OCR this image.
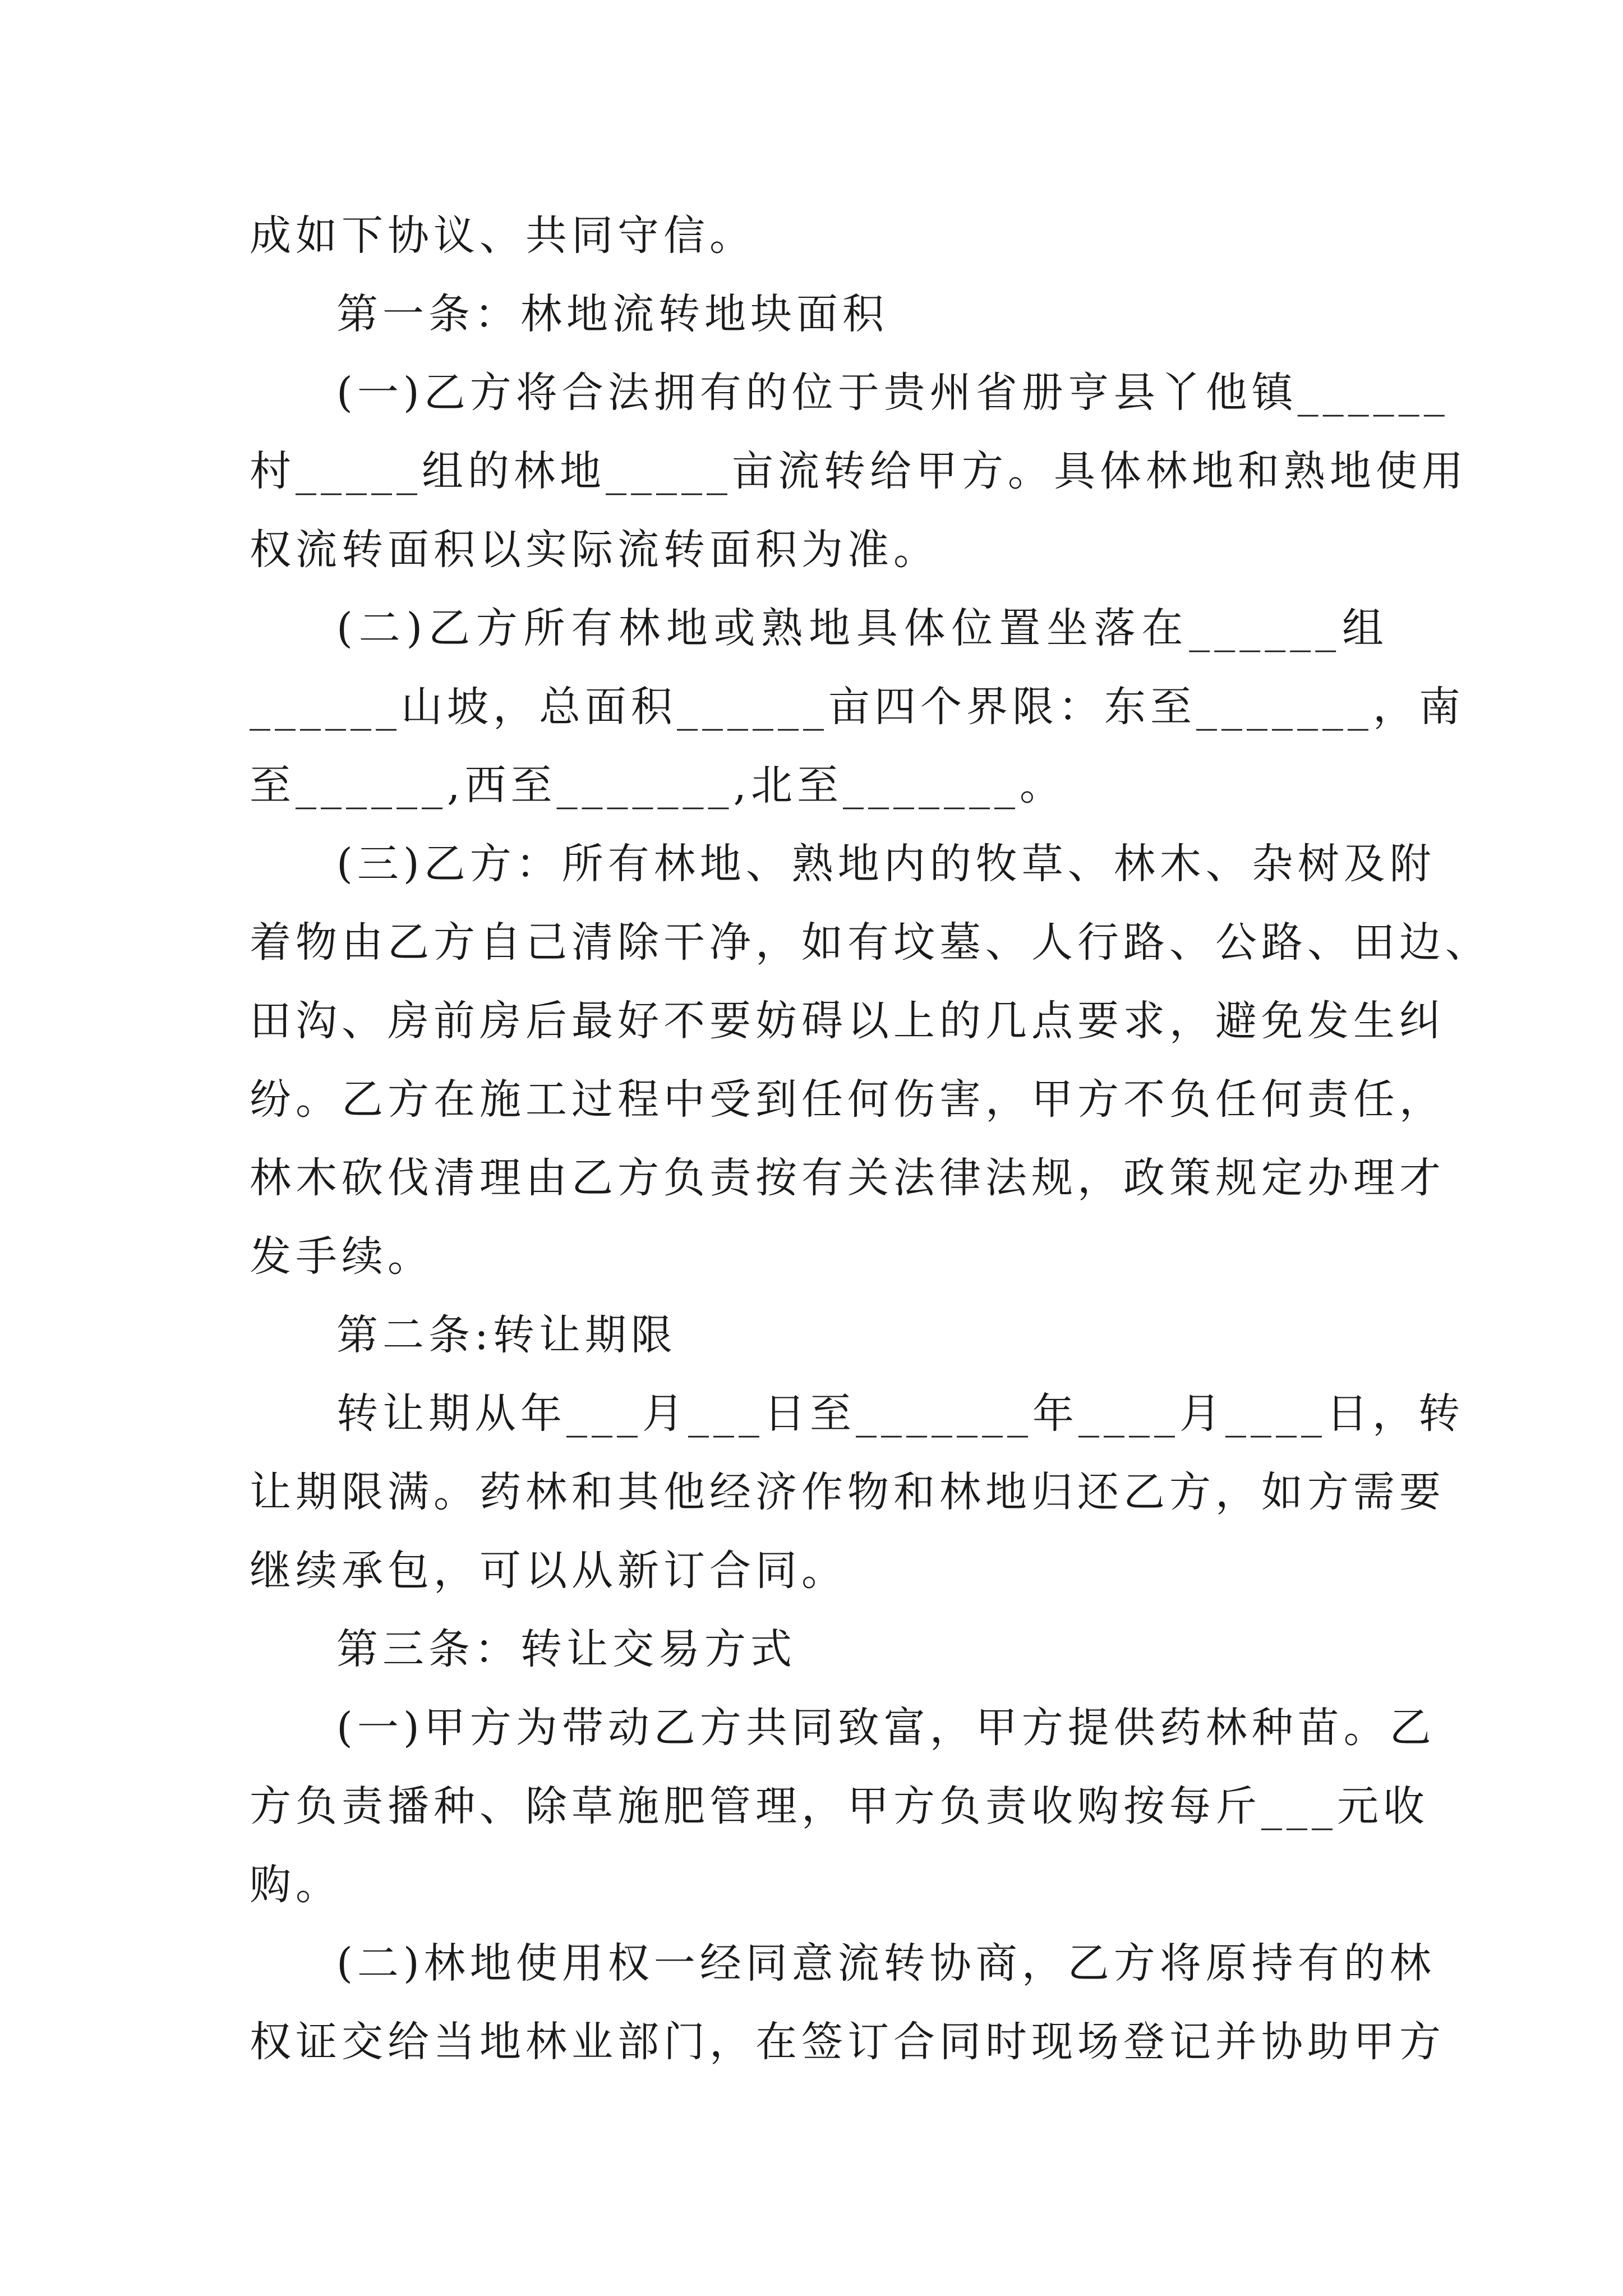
成如下协议、共同守信。
第一条：林地流转地块面积
(一)乙方将合法拥有的位于贵州省册亨县丫他镇______
村_____组的林地_____亩流转给甲方。具体林地和熟地使用
权流转面积以实际流转面积为准。
(二)乙方所有林地或熟地具体位置坐落在______组
______山坡，总面积______亩四个界限：东至_______，南
至______,西至_______,北至_______。
(三)乙方：所有林地、熟地内的牧草、林木、杂树及附
着物由乙方自己清除干净，如有坟墓、人行路、公路、田边、
田沟、房前房后最好不要妨碍以上的几点要求，避免发生纠
纷。乙方在施工过程中受到任何伤害，甲方不负任何责任，
林木砍伐清理由乙方负责按有关法律法规，政策规定办理才
发手续。
第二条:转让期限
转让期从年___月___日至_______年____月____日，转
让期限满。药林和其他经济作物和林地归还乙方，如方需要
继续承包，可以从新订合同。
第三条：转让交易方式
(一)甲方为带动乙方共同致富，甲方提供药林种苗。乙
方负责播种、除草施肥管理，甲方负责收购按每斤___元收
购。
(二)林地使用权一经同意流转协商，乙方将原持有的林
权证交给当地林业部门，在签订合同时现场登记并协助甲方
